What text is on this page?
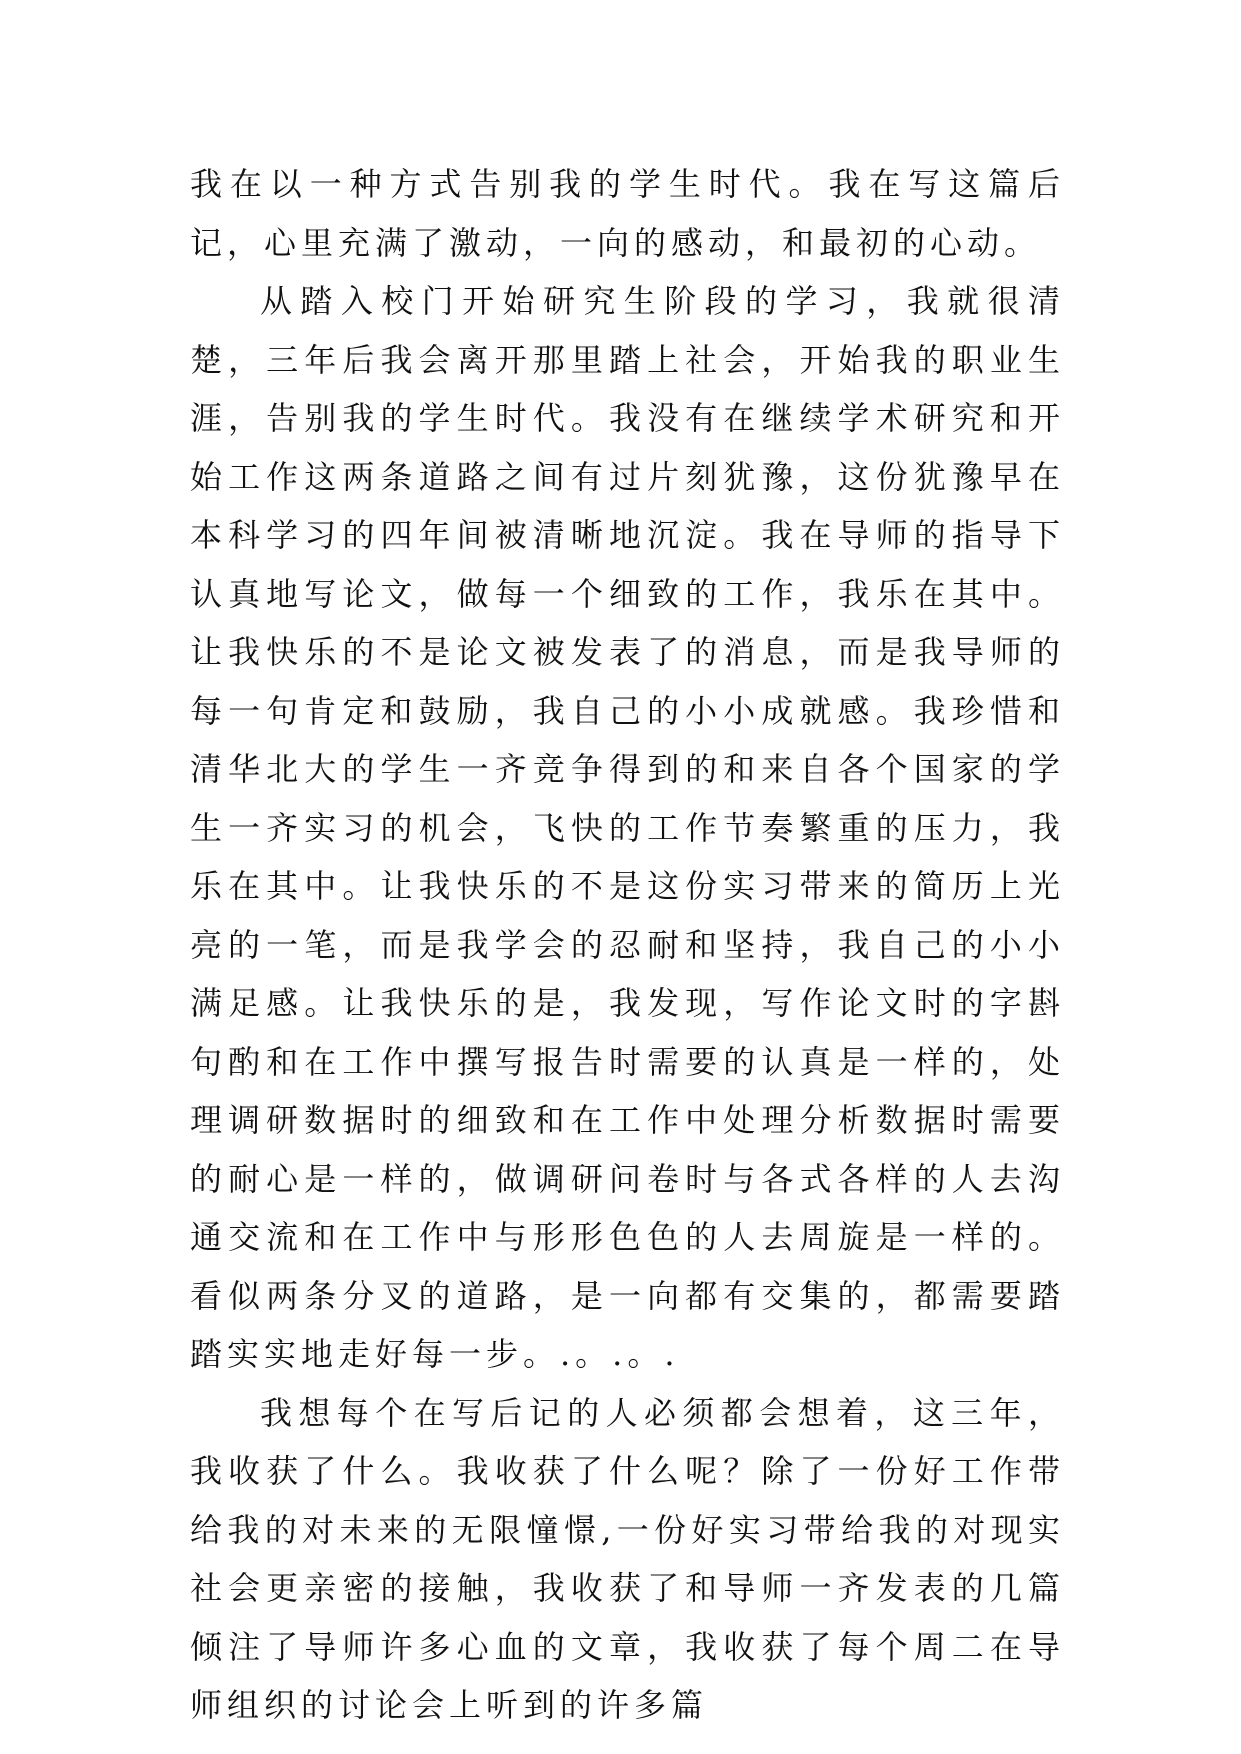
我在以一种方式告别我的学生时代。我在写这篇后记，心里充满了激动，一向的感动，和最初的心动。

从踏入校门开始研究生阶段的学习，我就很清楚，三年后我会离开那里踏上社会，开始我的职业生涯，告别我的学生时代。我没有在继续学术研究和开始工作这两条道路之间有过片刻犹豫，这份犹豫早在本科学习的四年间被清晰地沉淀。我在导师的指导下认真地写论文，做每一个细致的工作，我乐在其中。让我快乐的不是论文被发表了的消息，而是我导师的每一句肯定和鼓励，我自己的小小成就感。我珍惜和清华北大的学生一齐竞争得到的和来自各个国家的学生一齐实习的机会，飞快的工作节奏繁重的压力，我乐在其中。让我快乐的不是这份实习带来的简历上光亮的一笔，而是我学会的忍耐和坚持，我自己的小小满足感。让我快乐的是，我发现，写作论文时的字斟句酌和在工作中撰写报告时需要的认真是一样的，处理调研数据时的细致和在工作中处理分析数据时需要的耐心是一样的，做调研问卷时与各式各样的人去沟通交流和在工作中与形形色色的人去周旋是一样的。看似两条分叉的道路，是一向都有交集的，都需要踏踏实实地走好每一步。.。.。.

我想每个在写后记的人必须都会想着，这三年，我收获了什么。我收获了什么呢？除了一份好工作带给我的对未来的无限憧憬,一份好实习带给我的对现实社会更亲密的接触，我收获了和导师一齐发表的几篇倾注了导师许多心血的文章，我收获了每个周二在导师组织的讨论会上听到的许多篇
